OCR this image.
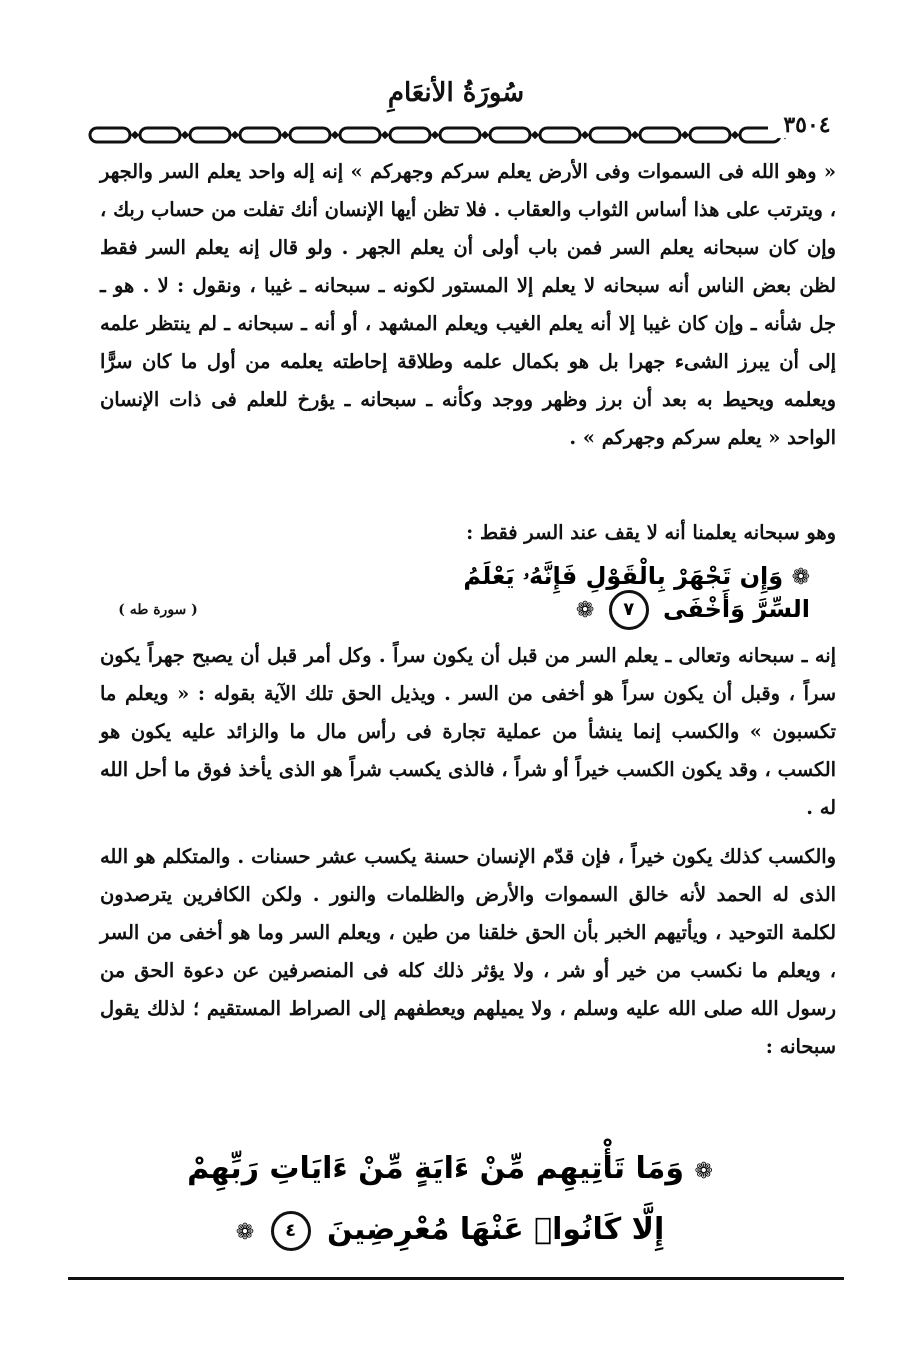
سُورَةُ الأنعَامِ
٣٥٠٤
« وهو الله فى السموات وفى الأرض يعلم سركم وجهركم » إنه إله واحد يعلم السر والجهر ، ويترتب على هذا أساس الثواب والعقاب . فلا تظن أيها الإنسان أنك تفلت من حساب ربك ، وإن كان سبحانه يعلم السر فمن باب أولى أن يعلم الجهر . ولو قال إنه يعلم السر فقط لظن بعض الناس أنه سبحانه لا يعلم إلا المستور لكونه ـ سبحانه ـ غيبا ، ونقول : لا . هو ـ جل شأنه ـ وإن كان غيبا إلا أنه يعلم الغيب ويعلم المشهد ، أو أنه ـ سبحانه ـ لم ينتظر علمه إلى أن يبرز الشىء جهرا بل هو بكمال علمه وطلاقة إحاطته يعلمه من أول ما كان سرًّا ويعلمه ويحيط به بعد أن برز وظهر ووجد وكأنه ـ سبحانه ـ يؤرخ للعلم فى ذات الإنسان الواحد « يعلم سركم وجهركم » .
وهو سبحانه يعلمنا أنه لا يقف عند السر فقط :
❁ وَإِن تَجْهَرْ بِالْقَوْلِ فَإِنَّهُۥ يَعْلَمُ السِّرَّ وَأَخْفَى ٧ ❁
( سورة طه )
إنه ـ سبحانه وتعالى ـ يعلم السر من قبل أن يكون سراً . وكل أمر قبل أن يصبح جهراً يكون سراً ، وقبل أن يكون سراً هو أخفى من السر . ويذيل الحق تلك الآية بقوله : « ويعلم ما تكسبون » والكسب إنما ينشأ من عملية تجارة فى رأس مال ما والزائد عليه يكون هو الكسب ، وقد يكون الكسب خيراً أو شراً ، فالذى يكسب شراً هو الذى يأخذ فوق ما أحل الله له .
والكسب كذلك يكون خيراً ، فإن قدّم الإنسان حسنة يكسب عشر حسنات . والمتكلم هو الله الذى له الحمد لأنه خالق السموات والأرض والظلمات والنور . ولكن الكافرين يترصدون لكلمة التوحيد ، ويأتيهم الخبر بأن الحق خلقنا من طين ، ويعلم السر وما هو أخفى من السر ، ويعلم ما نكسب من خير أو شر ، ولا يؤثر ذلك كله فى المنصرفين عن دعوة الحق من رسول الله صلى الله عليه وسلم ، ولا يميلهم ويعطفهم إلى الصراط المستقيم ؛ لذلك يقول سبحانه :
❁ وَمَا تَأْتِيهِم مِّنْ ءَايَةٍ مِّنْ ءَايَاتِ رَبِّهِمْ إِلَّا كَانُوا۟ عَنْهَا مُعْرِضِينَ ٤ ❁
